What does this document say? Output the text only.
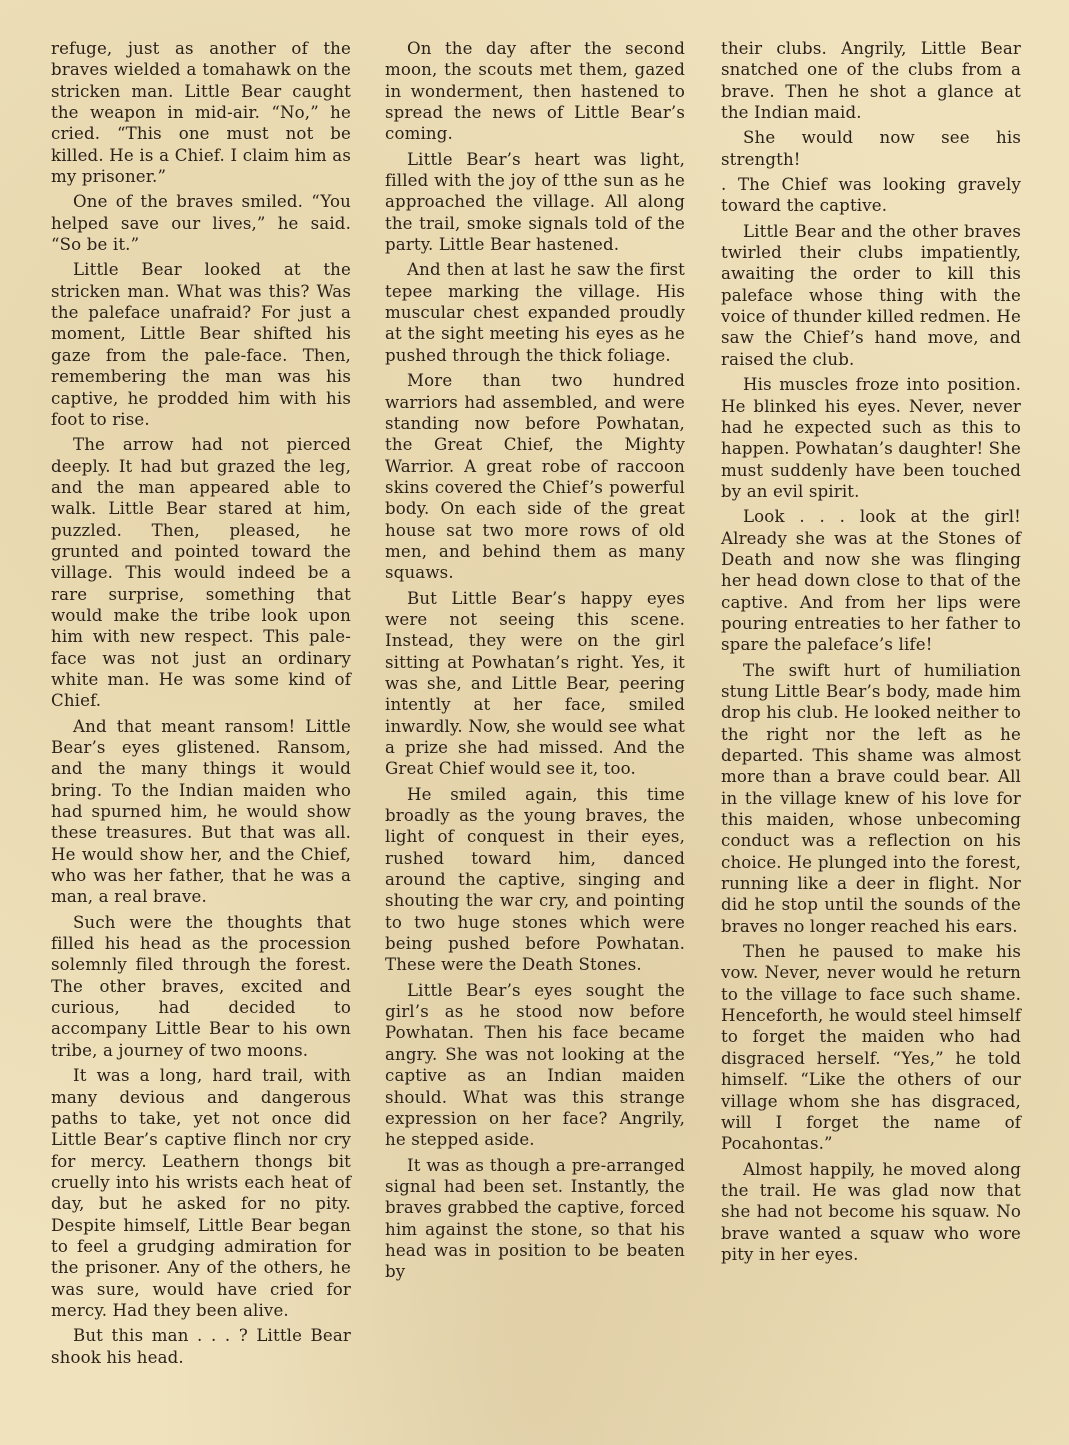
refuge, just as another of the braves wielded a tomahawk on the stricken man. Little Bear caught the weapon in mid-air. “No,” he cried. “This one must not be killed. He is a Chief. I claim him as my prisoner.”

One of the braves smiled. “You helped save our lives,” he said. “So be it.”

Little Bear looked at the stricken man. What was this? Was the paleface unafraid? For just a moment, Little Bear shifted his gaze from the pale-face. Then, remembering the man was his captive, he prodded him with his foot to rise.

The arrow had not pierced deeply. It had but grazed the leg, and the man appeared able to walk. Little Bear stared at him, puzzled. Then, pleased, he grunted and pointed toward the village. This would indeed be a rare surprise, something that would make the tribe look upon him with new respect. This pale-face was not just an ordinary white man. He was some kind of Chief.

And that meant ransom! Little Bear’s eyes glistened. Ransom, and the many things it would bring. To the Indian maiden who had spurned him, he would show these treasures. But that was all. He would show her, and the Chief, who was her father, that he was a man, a real brave.

Such were the thoughts that filled his head as the procession solemnly filed through the forest. The other braves, excited and curious, had decided to accompany Little Bear to his own tribe, a journey of two moons.

It was a long, hard trail, with many devious and dangerous paths to take, yet not once did Little Bear’s captive flinch nor cry for mercy. Leathern thongs bit cruelly into his wrists each heat of day, but he asked for no pity. Despite himself, Little Bear began to feel a grudging admiration for the prisoner. Any of the others, he was sure, would have cried for mercy. Had they been alive.

But this man . . . ? Little Bear shook his head.

On the day after the second moon, the scouts met them, gazed in wonderment, then hastened to spread the news of Little Bear’s coming.

Little Bear’s heart was light, filled with the joy of tthe sun as he approached the village. All along the trail, smoke signals told of the party. Little Bear hastened.

And then at last he saw the first tepee marking the village. His muscular chest expanded proudly at the sight meeting his eyes as he pushed through the thick foliage.

More than two hundred warriors had assembled, and were standing now before Powhatan, the Great Chief, the Mighty Warrior. A great robe of raccoon skins covered the Chief’s powerful body. On each side of the great house sat two more rows of old men, and behind them as many squaws.

But Little Bear’s happy eyes were not seeing this scene. Instead, they were on the girl sitting at Powhatan’s right. Yes, it was she, and Little Bear, peering intently at her face, smiled inwardly. Now, she would see what a prize she had missed. And the Great Chief would see it, too.

He smiled again, this time broadly as the young braves, the light of conquest in their eyes, rushed toward him, danced around the captive, singing and shouting the war cry, and pointing to two huge stones which were being pushed before Powhatan. These were the Death Stones.

Little Bear’s eyes sought the girl’s as he stood now before Powhatan. Then his face became angry. She was not looking at the captive as an Indian maiden should. What was this strange expression on her face? Angrily, he stepped aside.

It was as though a pre-arranged signal had been set. Instantly, the braves grabbed the captive, forced him against the stone, so that his head was in position to be beaten by

their clubs. Angrily, Little Bear snatched one of the clubs from a brave. Then he shot a glance at the Indian maid.

She would now see his strength!

. The Chief was looking gravely toward the captive.

Little Bear and the other braves twirled their clubs impatiently, awaiting the order to kill this paleface whose thing with the voice of thunder killed redmen. He saw the Chief’s hand move, and raised the club.

His muscles froze into position. He blinked his eyes. Never, never had he expected such as this to happen. Powhatan’s daughter! She must suddenly have been touched by an evil spirit.

Look . . . look at the girl! Already she was at the Stones of Death and now she was flinging her head down close to that of the captive. And from her lips were pouring entreaties to her father to spare the paleface’s life!

The swift hurt of humiliation stung Little Bear’s body, made him drop his club. He looked neither to the right nor the left as he departed. This shame was almost more than a brave could bear. All in the village knew of his love for this maiden, whose unbecoming conduct was a reflection on his choice. He plunged into the forest, running like a deer in flight. Nor did he stop until the sounds of the braves no longer reached his ears.

Then he paused to make his vow. Never, never would he return to the village to face such shame. Henceforth, he would steel himself to forget the maiden who had disgraced herself. “Yes,” he told himself. “Like the others of our village whom she has disgraced, will I forget the name of Pocahontas.”

Almost happily, he moved along the trail. He was glad now that she had not become his squaw. No brave wanted a squaw who wore pity in her eyes.
